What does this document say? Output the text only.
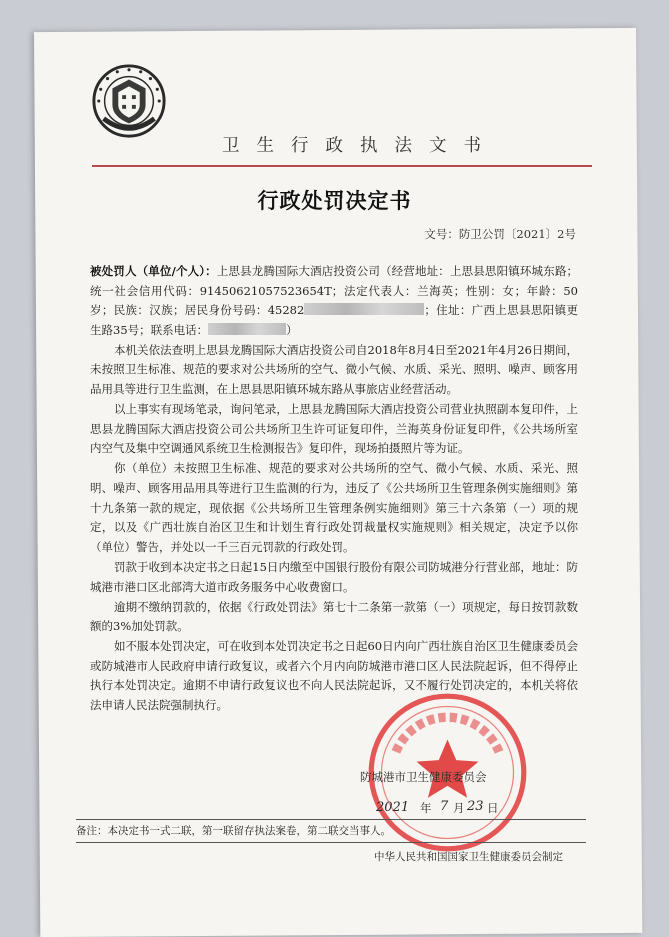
卫生行政执法文书
行政处罚决定书
文号：防卫公罚〔2021〕2号

被处罚人（单位/个人）：上思县龙腾国际大酒店投资公司（经营地址：上思县思阳镇环城东路；统一社会信用代码：91450621057523654T；法定代表人：兰海英；性别：女；年龄：50岁；民族：汉族；居民身份号码：45282	；住址：广西上思县思阳镇更生路35号；联系电话：	）

本机关依法查明上思县龙腾国际大酒店投资公司自2018年8月4日至2021年4月26日期间，未按照卫生标准、规范的要求对公共场所的空气、微小气候、水质、采光、照明、噪声、顾客用品用具等进行卫生监测，在上思县思阳镇环城东路从事旅店业经营活动。

以上事实有现场笔录，询问笔录，上思县龙腾国际大酒店投资公司营业执照副本复印件，上思县龙腾国际大酒店投资公司公共场所卫生许可证复印件，兰海英身份证复印件，《公共场所室内空气及集中空调通风系统卫生检测报告》复印件，现场拍摄照片等为证。

你（单位）未按照卫生标准、规范的要求对公共场所的空气、微小气候、水质、采光、照明、噪声、顾客用品用具等进行卫生监测的行为，违反了《公共场所卫生管理条例实施细则》第十九条第一款的规定，现依据《公共场所卫生管理条例实施细则》第三十六条第（一）项的规定，以及《广西壮族自治区卫生和计划生育行政处罚裁量权实施规则》相关规定，决定予以你（单位）警告，并处以一千三百元罚款的行政处罚。

罚款于收到本决定书之日起15日内缴至中国银行股份有限公司防城港分行营业部，地址：防城港市港口区北部湾大道市政务服务中心收费窗口。

逾期不缴纳罚款的，依据《行政处罚法》第七十二条第一款第（一）项规定，每日按罚款数额的3%加处罚款。

如不服本处罚决定，可在收到本处罚决定书之日起60日内向广西壮族自治区卫生健康委员会或防城港市人民政府申请行政复议，或者六个月内向防城港市港口区人民法院起诉，但不得停止执行本处罚决定。逾期不申请行政复议也不向人民法院起诉，又不履行处罚决定的，本机关将依法申请人民法院强制执行。

防城港市卫生健康委员会
2021 年 7 月 23 日
备注：本决定书一式二联，第一联留存执法案卷，第二联交当事人。
中华人民共和国国家卫生健康委员会制定
